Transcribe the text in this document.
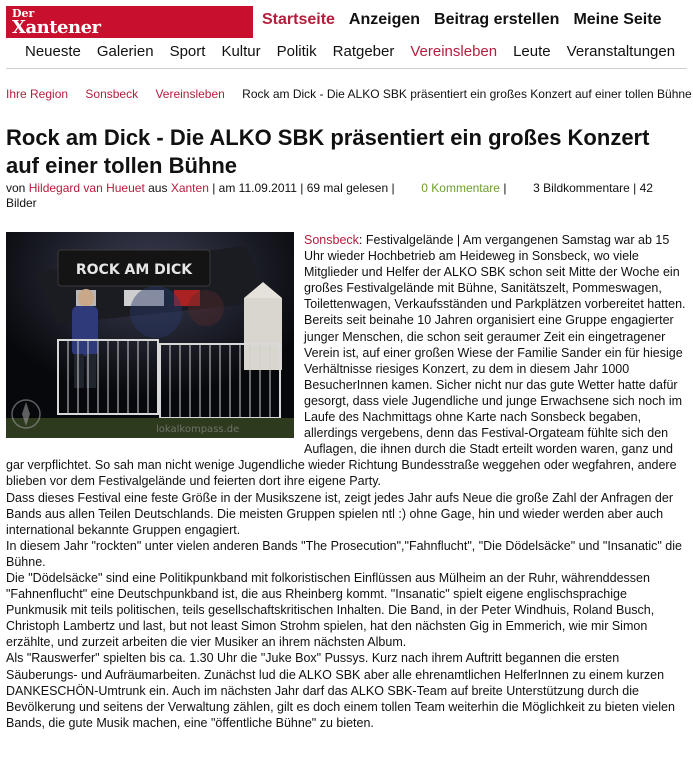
Der
Xantener	Startseite Anzeigen Beitrag erstellen Meine Seite
Neueste Galerien Sport Kultur Politik Ratgeber Vereinsleben Leute Veranstaltungen
Ihre Region Sonsbeck Vereinsleben Rock am Dick - Die ALKO SBK präsentiert ein großes Konzert auf einer tollen Bühne
Rock am Dick - Die ALKO SBK präsentiert ein großes Konzert auf einer tollen Bühne
von Hildegard van Hueuet aus Xanten | am 11.09.2011 | 69 mal gelesen | 0 Kommentare | 3 Bildkommentare | 42 Bilder
ROCK AM DICK
lokalkompass.de

Sonsbeck: Festivalgelände | Am vergangenen Samstag war ab 15 Uhr wieder Hochbetrieb am Heideweg in Sonsbeck, wo viele Mitglieder und Helfer der ALKO SBK schon seit Mitte der Woche ein großes Festivalgelände mit Bühne, Sanitätszelt, Pommeswagen, Toilettenwagen, Verkaufsständen und Parkplätzen vorbereitet hatten.

Bereits seit beinahe 10 Jahren organisiert eine Gruppe engagierter junger Menschen, die schon seit geraumer Zeit ein eingetragener Verein ist, auf einer großen Wiese der Familie Sander ein für hiesige Verhältnisse riesiges Konzert, zu dem in diesem Jahr 1000 BesucherInnen kamen. Sicher nicht nur das gute Wetter hatte dafür gesorgt, dass viele Jugendliche und junge Erwachsene sich noch im Laufe des Nachmittags ohne Karte nach Sonsbeck begaben, allerdings vergebens, denn das Festival-Orgateam fühlte sich den Auflagen, die ihnen durch die Stadt erteilt worden waren, ganz und gar verpflichtet. So sah man nicht wenige Jugendliche wieder Richtung Bundesstraße weggehen oder wegfahren, andere blieben vor dem Festivalgelände und feierten dort ihre eigene Party.

Dass dieses Festival eine feste Größe in der Musikszene ist, zeigt jedes Jahr aufs Neue die große Zahl der Anfragen der Bands aus allen Teilen Deutschlands. Die meisten Gruppen spielen ntl :) ohne Gage, hin und wieder werden aber auch international bekannte Gruppen engagiert.

In diesem Jahr "rockten" unter vielen anderen Bands "The Prosecution","Fahnflucht", "Die Dödelsäcke" und "Insanatic" die Bühne.

Die "Dödelsäcke" sind eine Politikpunkband mit folkoristischen Einflüssen aus Mülheim an der Ruhr, währenddessen "Fahnenflucht" eine Deutschpunkband ist, die aus Rheinberg kommt. "Insanatic" spielt eigene englischsprachige Punkmusik mit teils politischen, teils gesellschaftskritischen Inhalten. Die Band, in der Peter Windhuis, Roland Busch, Christoph Lambertz und last, but not least Simon Strohm spielen, hat den nächsten Gig in Emmerich, wie mir Simon erzählte, und zurzeit arbeiten die vier Musiker an ihrem nächsten Album.

Als "Rauswerfer" spielten bis ca. 1.30 Uhr die "Juke Box" Pussys. Kurz nach ihrem Auftritt begannen die ersten Säuberungs- und Aufräumarbeiten. Zunächst lud die ALKO SBK aber alle ehrenamtlichen HelferInnen zu einem kurzen DANKESCHÖN-Umtrunk ein. Auch im nächsten Jahr darf das ALKO SBK-Team auf breite Unterstützung durch die Bevölkerung und seitens der Verwaltung zählen, gilt es doch einem tollen Team weiterhin die Möglichkeit zu bieten vielen Bands, die gute Musik machen, eine "öffentliche Bühne" zu bieten.
